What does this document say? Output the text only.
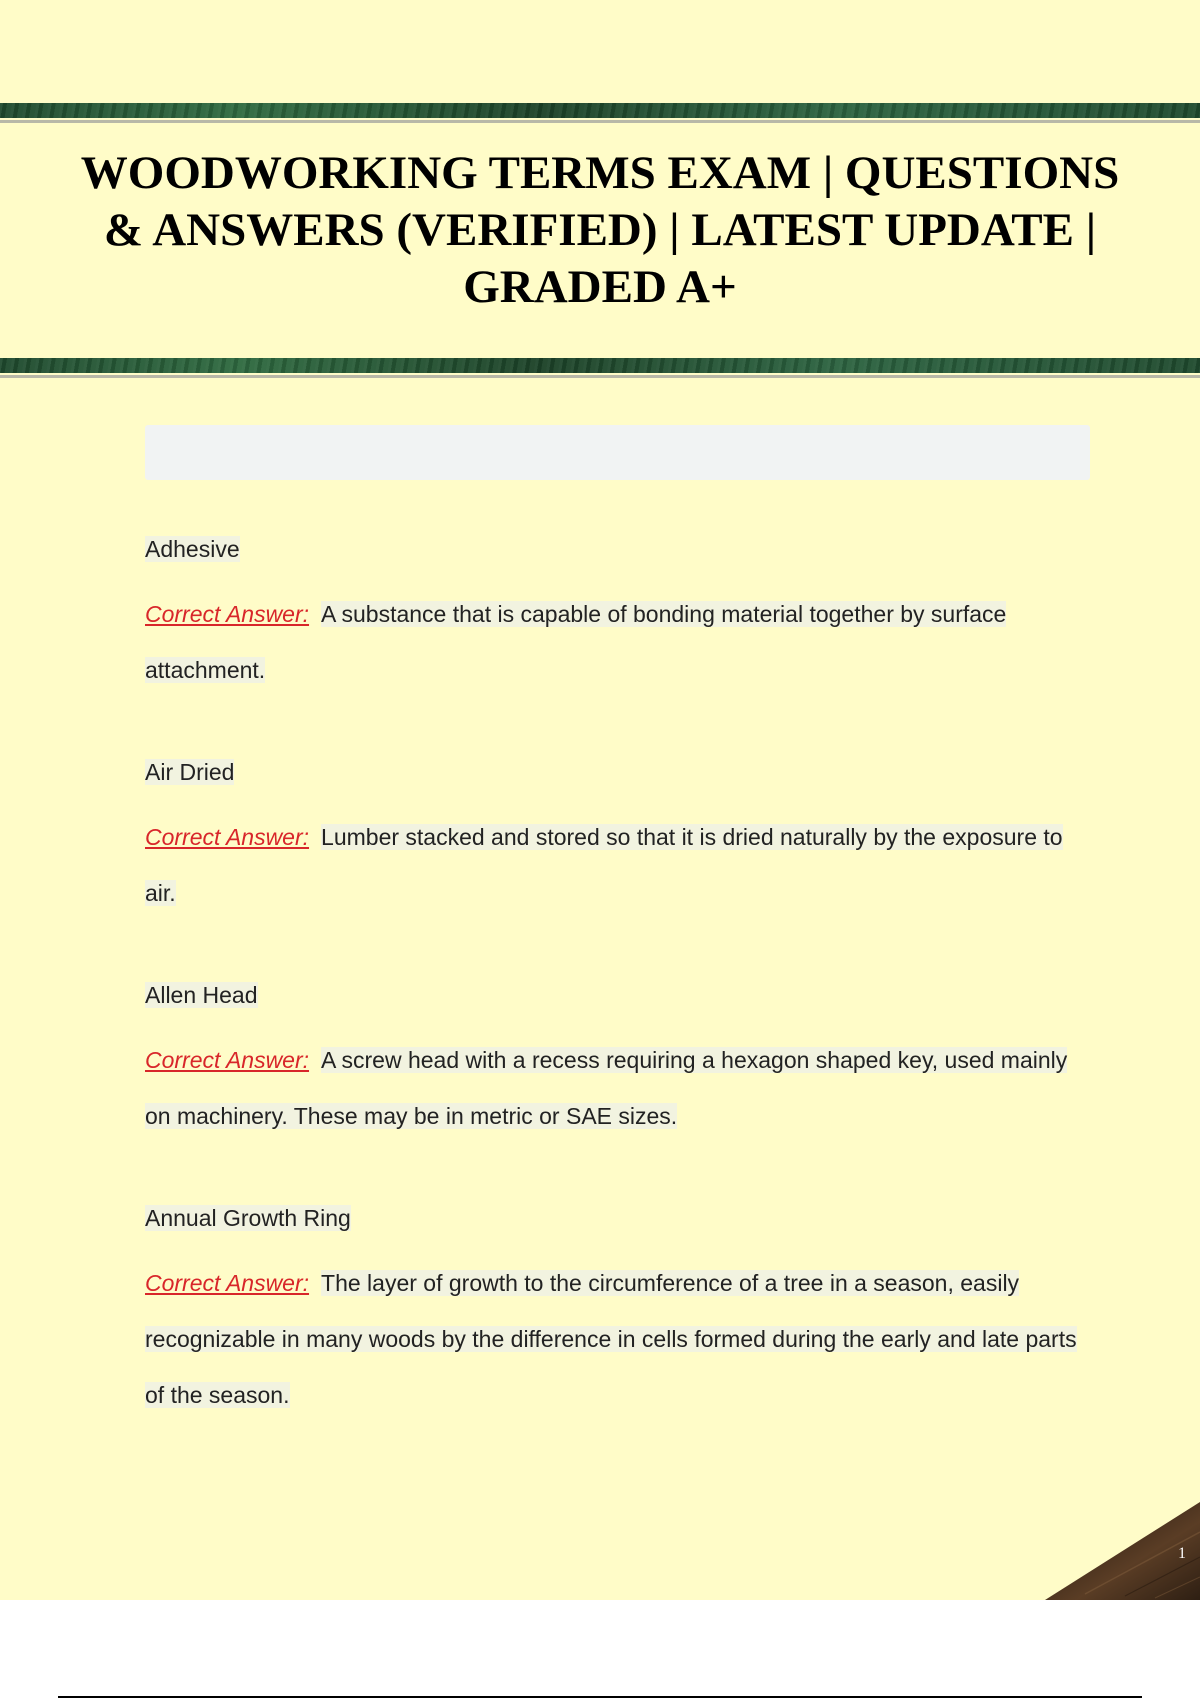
WOODWORKING TERMS EXAM | QUESTIONS & ANSWERS (VERIFIED) | LATEST UPDATE | GRADED A+

Adhesive

Correct Answer: A substance that is capable of bonding material together by surface attachment.

Air Dried

Correct Answer: Lumber stacked and stored so that it is dried naturally by the exposure to air.

Allen Head

Correct Answer: A screw head with a recess requiring a hexagon shaped key, used mainly on machinery. These may be in metric or SAE sizes.

Annual Growth Ring

Correct Answer: The layer of growth to the circumference of a tree in a season, easily recognizable in many woods by the difference in cells formed during the early and late parts of the season.
1
